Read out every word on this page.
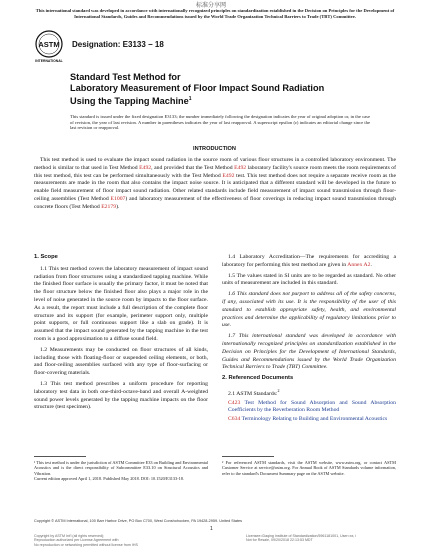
标准分享网
This international standard was developed in accordance with internationally recognized principles on standardization established in the Decision on Principles for the Development of International Standards, Guides and Recommendations issued by the World Trade Organization Technical Barriers to Trade (TBT) Committee.
ASTM
INTERNATIONAL
Designation: E3133 − 18
Standard Test Method for
Laboratory Measurement of Floor Impact Sound Radiation
Using the Tapping Machine$^1$
This standard is issued under the fixed designation E3133; the number immediately following the designation indicates the year of original adoption or, in the case of revision, the year of last revision. A number in parentheses indicates the year of last reapproval. A superscript epsilon (ε) indicates an editorial change since the last revision or reapproval.
INTRODUCTION
This test method is used to evaluate the impact sound radiation in the source room of various floor structures in a controlled laboratory environment. The method is similar to that used in Test Method E492, and provided that the Test Method E492 laboratory facility's source room meets the room requirements of this test method, this test can be performed simultaneously with the Test Method E492 test. This test method does not require a separate receive room as the measurements are made in the room that also contains the impact noise source. It is anticipated that a different standard will be developed in the future to enable field measurement of floor impact sound radiation. Other related standards include field measurement of impact sound transmission through floor-ceiling assemblies (Test Method E1007) and laboratory measurement of the effectiveness of floor coverings in reducing impact sound transmission through concrete floors (Test Method E2179).
1. Scope

1.1 This test method covers the laboratory measurement of impact sound radiation from floor structures using a standardized tapping machine. While the finished floor surface is usually the primary factor, it must be noted that the floor structure below the finished floor also plays a major role in the level of noise generated in the source room by impacts to the floor surface. As a result, the report must include a full description of the complete floor structure and its support (for example, perimeter support only, multiple point supports, or full continuous support like a slab on grade). It is assumed that the impact sound generated by the tapping machine in the test room is a good approximation to a diffuse sound field.

1.2 Measurements may be conducted on floor structures of all kinds, including those with floating-floor or suspended ceiling elements, or both, and floor-ceiling assemblies surfaced with any type of floor-surfacing or floor-covering materials.

1.3 This test method prescribes a uniform procedure for reporting laboratory test data in both one-third-octave-band and overall A-weighted sound power levels generated by the tapping machine impacts on the floor structure (test specimen).

1.4 Laboratory Accreditation—The requirements for accrediting a laboratory for performing this test method are given in Annex A2.

1.5 The values stated in SI units are to be regarded as standard. No other units of measurement are included in this standard.

1.6 This standard does not purport to address all of the safety concerns, if any, associated with its use. It is the responsibility of the user of this standard to establish appropriate safety, health, and environmental practices and determine the applicability of regulatory limitations prior to use.

1.7 This international standard was developed in accordance with internationally recognized principles on standardization established in the Decision on Principles for the Development of International Standards, Guides and Recommendations issued by the World Trade Organization Technical Barriers to Trade (TBT) Committee.

2. Referenced Documents

2.1 ASTM Standards:$^2$

C423 Test Method for Sound Absorption and Sound Absorption Coefficients by the Reverberation Room Method

C634 Terminology Relating to Building and Environmental Acoustics

¹ This test method is under the jurisdiction of ASTM Committee E33 on Building and Environmental Acoustics and is the direct responsibility of Subcommittee E33.10 on Structural Acoustics and Vibration.

Current edition approved April 1, 2018. Published May 2018. DOI: 10.1520/E3133-18.

² For referenced ASTM standards, visit the ASTM website, www.astm.org, or contact ASTM Customer Service at service@astm.org. For Annual Book of ASTM Standards volume information, refer to the standard's Document Summary page on the ASTM website.
Copyright © ASTM International, 100 Barr Harbor Drive, PO Box C700, West Conshohocken, PA 19428-2959. United States
1
Copyright by ASTM Int'l (all rights reserved);
Reproduction authorized per License Agreement with
No reproduction or networking permitted without license from IHS
Licensee=Daqing Institute of Standardization/5961181001, User=xx, i
Not for Resale, 09/20/2018 22:13:53 MDT
